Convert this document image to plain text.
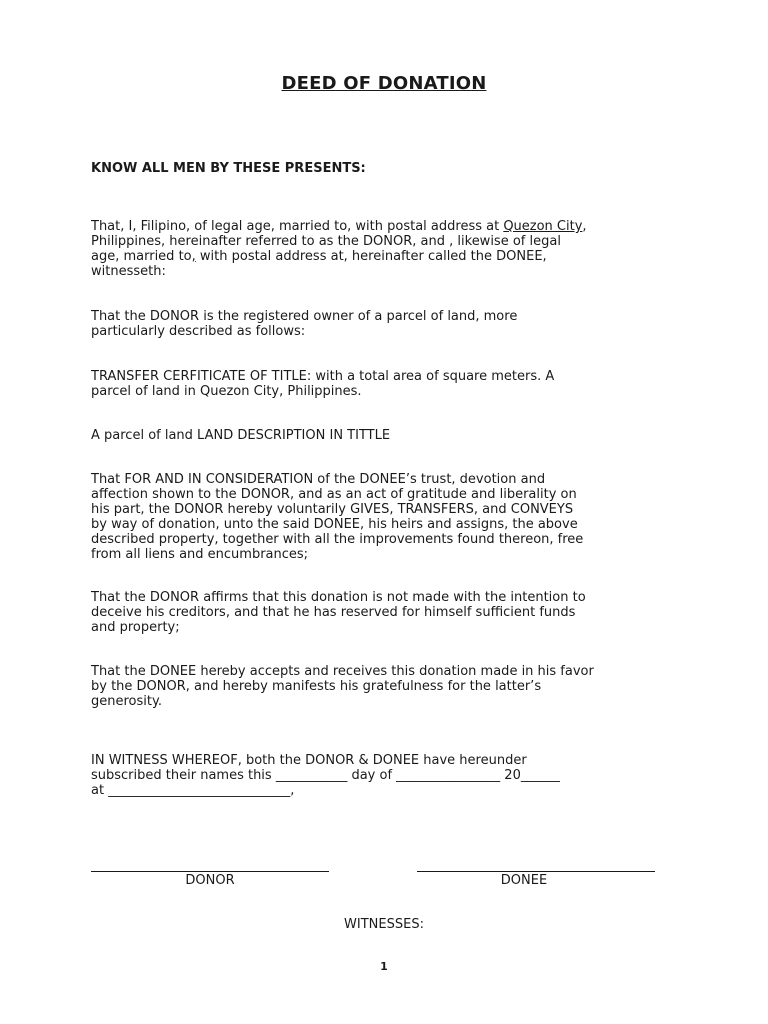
DEED OF DONATION
KNOW ALL MEN BY THESE PRESENTS:

That, I, Filipino, of legal age, married to, with postal address at Quezon City,

Philippines, hereinafter referred to as the DONOR, and , likewise of legal

age, married to, with postal address at, hereinafter called the DONEE,

witnesseth:

That the DONOR is the registered owner of a parcel of land, more

particularly described as follows:

TRANSFER CERFITICATE OF TITLE: with a total area of square meters. A

parcel of land in Quezon City, Philippines.

A parcel of land LAND DESCRIPTION IN TITTLE

That FOR AND IN CONSIDERATION of the DONEE’s trust, devotion and

affection shown to the DONOR, and as an act of gratitude and liberality on

his part, the DONOR hereby voluntarily GIVES, TRANSFERS, and CONVEYS

by way of donation, unto the said DONEE, his heirs and assigns, the above

described property, together with all the improvements found thereon, free

from all liens and encumbrances;

That the DONOR affirms that this donation is not made with the intention to

deceive his creditors, and that he has reserved for himself sufficient funds

and property;

That the DONEE hereby accepts and receives this donation made in his favor

by the DONOR, and hereby manifests his gratefulness for the latter’s

generosity.

IN WITNESS WHEREOF, both the DONOR & DONEE have hereunder

subscribed their names this ___________ day of ________________ 20______

at ____________________________,

DONOR	DONEE
WITNESSES:
1
